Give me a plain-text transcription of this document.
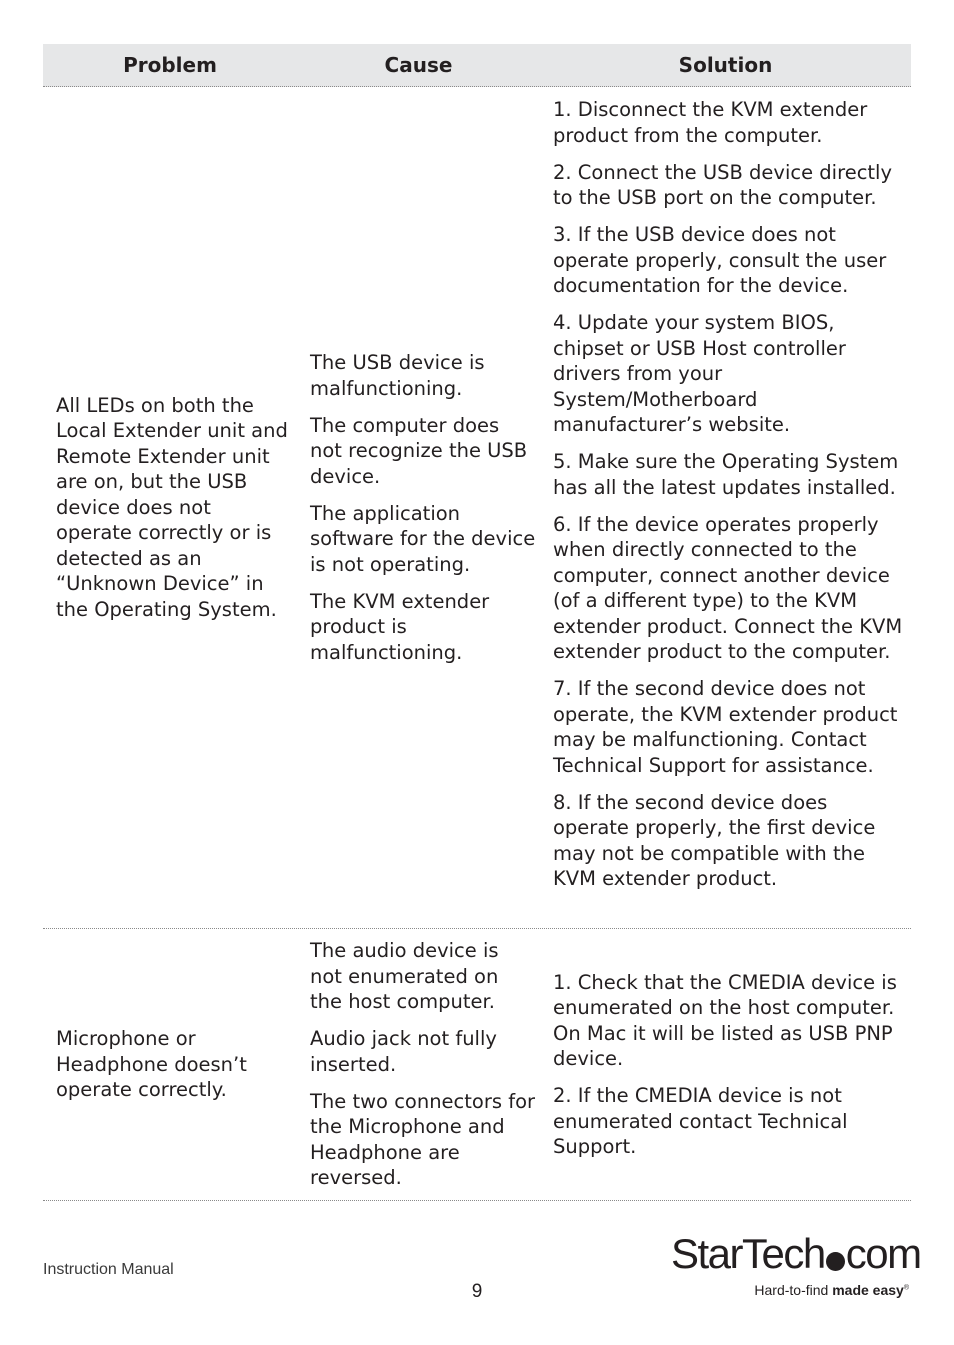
Problem	Cause	Solution

All LEDs on both the Local Extender unit and Remote Extender unit are on, but the USB device does not operate correctly or is detected as an “Unknown Device” in the Operating System.

The USB device is malfunctioning.

The computer does not recognize the USB device.

The application software for the device is not operating.

The KVM extender product is malfunctioning.

1. Disconnect the KVM extender product from the computer.

2. Connect the USB device directly to the USB port on the computer.

3. If the USB device does not operate properly, consult the user documentation for the device.

4. Update your system BIOS, chipset or USB Host controller drivers from your System/Motherboard manufacturer’s website.

5. Make sure the Operating System has all the latest updates installed.

6. If the device operates properly when directly connected to the computer, connect another device (of a different type) to the KVM extender product. Connect the KVM extender product to the computer.

7. If the second device does not operate, the KVM extender product may be malfunctioning. Contact Technical Support for assistance.

8. If the second device does operate properly, the first device may not be compatible with the KVM extender product.

Microphone or Headphone doesn’t operate correctly.

The audio device is not enumerated on the host computer.

Audio jack not fully inserted.

The two connectors for the Microphone and Headphone are reversed.

1. Check that the CMEDIA device is enumerated on the host computer. On Mac it will be listed as USB PNP device.

2. If the CMEDIA device is not enumerated contact Technical Support.

Instruction Manual
9
StarTech com
Hard-to-find made easy®
